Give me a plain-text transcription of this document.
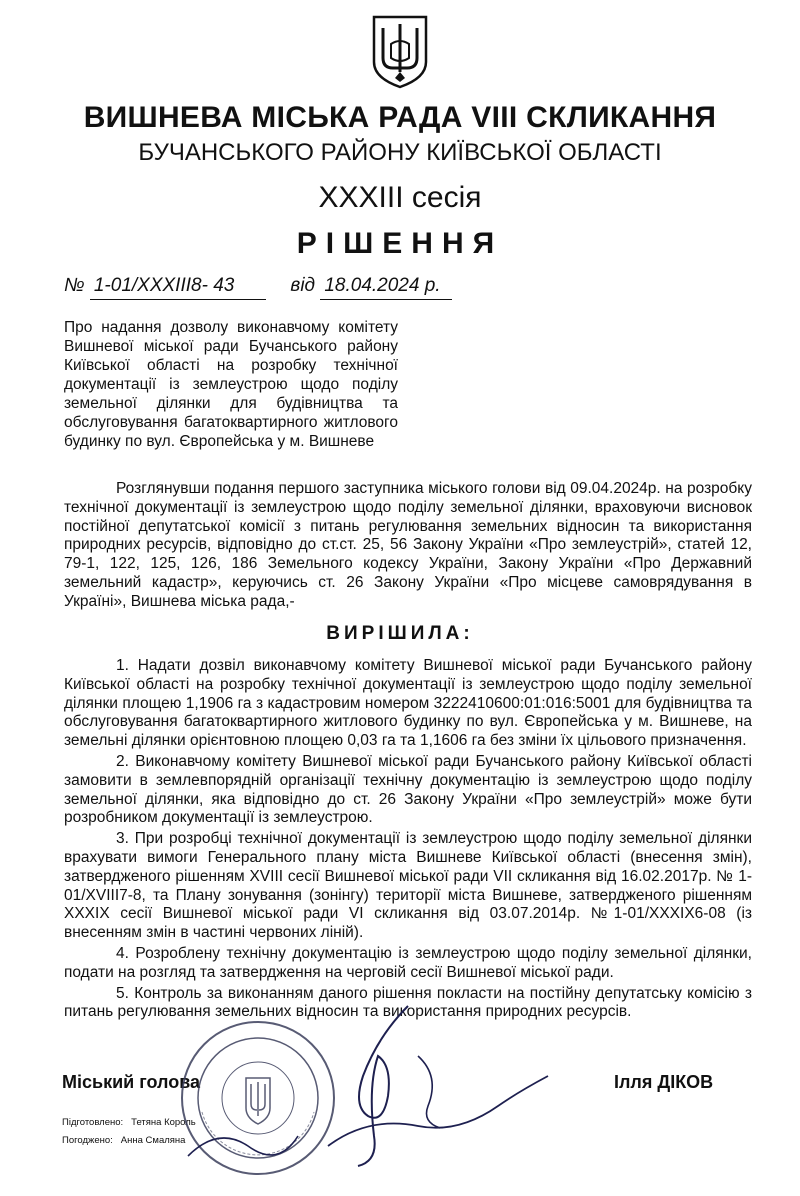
ВИШНЕВА МІСЬКА РАДА VIII СКЛИКАННЯ
БУЧАНСЬКОГО РАЙОНУ КИЇВСЬКОЇ ОБЛАСТІ
XXXIII сесія
РІШЕННЯ
№ 1-01/XXXIII8- 43	від 18.04.2024 р.
Про надання дозволу виконавчому комітету
Вишневої міської ради Бучанського району
Київської області на розробку технічної
документації із землеустрою щодо поділу
земельної ділянки для будівництва та
обслуговування багатоквартирного житлового
будинку по вул. Європейська у м. Вишневе

Розглянувши подання першого заступника міського голови від 09.04.2024р. на розробку технічної документації із землеустрою щодо поділу земельної ділянки, враховуючи висновок постійної депутатської комісії з питань регулювання земельних відносин та використання природних ресурсів, відповідно до ст.ст. 25, 56 Закону України «Про землеустрій», статей 12, 79-1, 122, 125, 126, 186 Земельного кодексу України, Закону України «Про Державний земельний кадастр», керуючись ст. 26 Закону України «Про місцеве самоврядування в Україні», Вишнева міська рада,-

ВИРІШИЛА:

1. Надати дозвіл виконавчому комітету Вишневої міської ради Бучанського району Київської області на розробку технічної документації із землеустрою щодо поділу земельної ділянки площею 1,1906 га з кадастровим номером 3222410600:01:016:5001 для будівництва та обслуговування багатоквартирного житлового будинку по вул. Європейська у м. Вишневе, на земельні ділянки орієнтовною площею 0,03 га та 1,1606 га без зміни їх цільового призначення.

2. Виконавчому комітету Вишневої міської ради Бучанського району Київської області замовити в землевпорядній організації технічну документацію із землеустрою щодо поділу земельної ділянки, яка відповідно до ст. 26 Закону України «Про землеустрій» може бути розробником документації із землеустрою.

3. При розробці технічної документації із землеустрою щодо поділу земельної ділянки врахувати вимоги Генерального плану міста Вишневе Київської області (внесення змін), затвердженого рішенням XVIII сесії Вишневої міської ради VII скликання від 16.02.2017р. № 1-01/XVIII7-8, та Плану зонування (зонінгу) території міста Вишневе, затвердженого рішенням XXXIX сесії Вишневої міської ради VI скликання від 03.07.2014р. №1-01/XXXIX6-08 (із внесенням змін в частині червоних ліній).

4. Розроблену технічну документацію із землеустрою щодо поділу земельної ділянки, подати на розгляд та затвердження на черговій сесії Вишневої міської ради.

5. Контроль за виконанням даного рішення покласти на постійну депутатську комісію з питань регулювання земельних відносин та використання природних ресурсів.

Міський голова	Ілля ДІКОВ
Підготовлено: Тетяна Король
Погоджено: Анна Смаляна
